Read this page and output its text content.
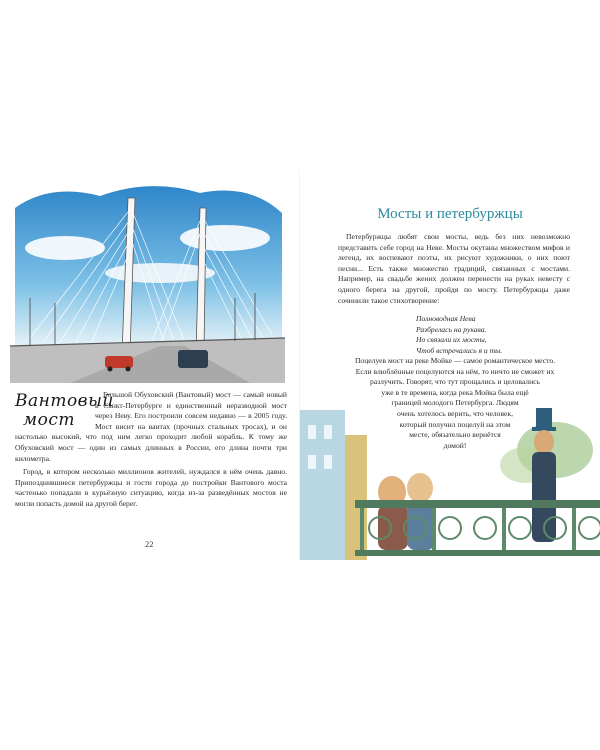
Вантовый
мост

Большой Обуховский (Вантовый) мост — самый новый в Санкт-Петербурге и единственный неразводной мост через Неву. Его построили совсем недавно — в 2005 году. Мост висит на вантах (прочных стальных тросах), и он настолько высокий, что под ним легко проходит любой корабль. К тому же Обуховский мост — один из самых длинных в России, его длина почти три километра.

Город, в котором несколько миллионов жителей, нуждался в нём очень давно. Припозднившиеся петербуржцы и гости города до постройки Вантового моста частенько попадали в курьёзную ситуацию, когда из-за разведённых мостов не могли попасть домой на другой берег.

22
Мосты и петербуржцы

Петербуржцы любят свои мосты, ведь без них невозможно представить себе город на Неве. Мосты окутаны множеством мифов и легенд, их воспевают поэты, их рисуют художники, о них поют песни... Есть также множество традиций, связанных с мостами. Например, на свадьбе жених должен перенести на руках невесту с одного берега на другой, пройдя по мосту. Петербуржцы даже сочинили такое стихотворение:

Полноводная Нева
Разбрелась на рукава.
Но связали их мосты,
Чтоб встречались я и ты.
Поцелуев мост на реке Мойке — самое романтическое место.
Если влюблённые поцелуются на нём, то ничто не сможет их
разлучить. Говорят, что тут прощались и целовались
уже в те времена, когда река Мойка была ещё
границей молодого Петербурга. Людям
очень хотелось верить, что человек,
который получил поцелуй на этом
месте, обязательно вернётся
домой!
